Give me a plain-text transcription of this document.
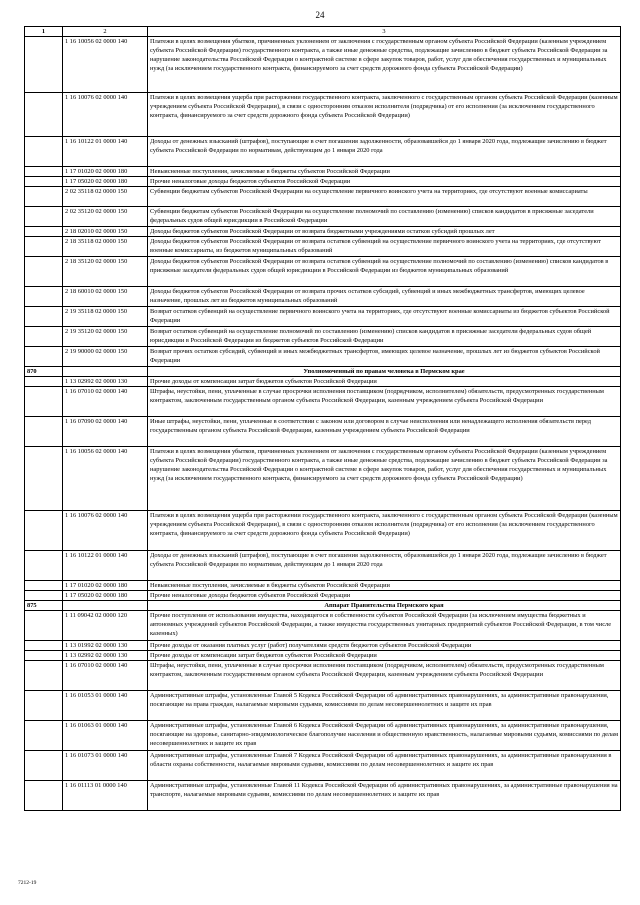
24
1	2	3
	1 16 10056 02 0000 140	Платежи в целях возмещения убытков, причиненных уклонением от заключения с государственным органом субъекта Российской Федерации (казенным учреждением субъекта Российской Федерации) государственного контракта, а также иные денежные средства, подлежащие зачислению в бюджет субъекта Российской Федерации за нарушение законодательства Российской Федерации о контрактной системе в сфере закупок товаров, работ, услуг для обеспечения государственных и муниципальных нужд (за исключением государственного контракта, финансируемого за счет средств дорожного фонда субъекта Российской Федерации)
	1 16 10076 02 0000 140	Платежи в целях возмещения ущерба при расторжении государственного контракта, заключенного с государственным органом субъекта Российской Федерации (казенным учреждением субъекта Российской Федерации), в связи с односторонним отказом исполнителя (подрядчика) от его исполнения (за исключением государственного контракта, финансируемого за счет средств дорожного фонда субъекта Российской Федерации)
	1 16 10122 01 0000 140	Доходы от денежных взысканий (штрафов), поступающие в счет погашения задолженности, образовавшейся до 1 января 2020 года, подлежащие зачислению в бюджет субъекта Российской Федерации по нормативам, действующим до 1 января 2020 года
	1 17 01020 02 0000 180	Невыясненные поступления, зачисляемые в бюджеты субъектов Российской Федерации
	1 17 05020 02 0000 180	Прочие неналоговые доходы бюджетов субъектов Российской Федерации
	2 02 35118 02 0000 150	Субвенции бюджетам субъектов Российской Федерации на осуществление первичного воинского учета на территориях, где отсутствуют военные комиссариаты
	2 02 35120 02 0000 150	Субвенции бюджетам субъектов Российской Федерации на осуществление полномочий по составлению (изменению) списков кандидатов в присяжные заседатели федеральных судов общей юрисдикции в Российской Федерации
	2 18 02010 02 0000 150	Доходы бюджетов субъектов Российской Федерации от возврата бюджетными учреждениями остатков субсидий прошлых лет
	2 18 35118 02 0000 150	Доходы бюджетов субъектов Российской Федерации от возврата остатков субвенций на осуществление первичного воинского учета на территориях, где отсутствуют военные комиссариаты, из бюджетов муниципальных образований
	2 18 35120 02 0000 150	Доходы бюджетов субъектов Российской Федерации от возврата остатков субвенций на осуществление полномочий по составлению (изменению) списков кандидатов в присяжные заседатели федеральных судов общей юрисдикции в Российской Федерации из бюджетов муниципальных образований
	2 18 60010 02 0000 150	Доходы бюджетов субъектов Российской Федерации от возврата прочих остатков субсидий, субвенций и иных межбюджетных трансфертов, имеющих целевое назначение, прошлых лет из бюджетов муниципальных образований
	2 19 35118 02 0000 150	Возврат остатков субвенций на осуществление первичного воинского учета на территориях, где отсутствуют военные комиссариаты из бюджетов субъектов Российской Федерации
	2 19 35120 02 0000 150	Возврат остатков субвенций на осуществление полномочий по составлению (изменению) списков кандидатов в присяжные заседатели федеральных судов общей юрисдикции в Российской Федерации из бюджетов субъектов Российской Федерации
	2 19 90000 02 0000 150	Возврат прочих остатков субсидий, субвенций и иных межбюджетных трансфертов, имеющих целевое назначение, прошлых лет из бюджетов субъектов Российской Федерации
870		Уполномоченный по правам человека в Пермском крае
	1 13 02992 02 0000 130	Прочие доходы от компенсации затрат бюджетов субъектов Российской Федерации
	1 16 07010 02 0000 140	Штрафы, неустойки, пени, уплаченные в случае просрочки исполнения поставщиком (подрядчиком, исполнителем) обязательств, предусмотренных государственным контрактом, заключенным государственным органом субъекта Российской Федерации, казенным учреждением субъекта Российской Федерации
	1 16 07090 02 0000 140	Иные штрафы, неустойки, пени, уплаченные в соответствии с законом или договором в случае неисполнения или ненадлежащего исполнения обязательств перед государственным органом субъекта Российской Федерации, казенным учреждением субъекта Российской Федерации
	1 16 10056 02 0000 140	Платежи в целях возмещения убытков, причиненных уклонением от заключения с государственным органом субъекта Российской Федерации (казенным учреждением субъекта Российской Федерации) государственного контракта, а также иные денежные средства, подлежащие зачислению в бюджет субъекта Российской Федерации за нарушение законодательства Российской Федерации о контрактной системе в сфере закупок товаров, работ, услуг для обеспечения государственных и муниципальных нужд (за исключением государственного контракта, финансируемого за счет средств дорожного фонда субъекта Российской Федерации)
	1 16 10076 02 0000 140	Платежи в целях возмещения ущерба при расторжении государственного контракта, заключенного с государственным органом субъекта Российской Федерации (казенным учреждением субъекта Российской Федерации), в связи с односторонним отказом исполнителя (подрядчика) от его исполнения (за исключением государственного контракта, финансируемого за счет средств дорожного фонда субъекта Российской Федерации)
	1 16 10122 01 0000 140	Доходы от денежных взысканий (штрафов), поступающие в счет погашения задолженности, образовавшейся до 1 января 2020 года, подлежащие зачислению в бюджет субъекта Российской Федерации по нормативам, действующим до 1 января 2020 года
	1 17 01020 02 0000 180	Невыясненные поступления, зачисляемые в бюджеты субъектов Российской Федерации
	1 17 05020 02 0000 180	Прочие неналоговые доходы бюджетов субъектов Российской Федерации
875		Аппарат Правительства Пермского края
	1 11 09042 02 0000 120	Прочие поступления от использования имущества, находящегося в собственности субъектов Российской Федерации (за исключением имущества бюджетных и автономных учреждений субъектов Российской Федерации, а также имущества государственных унитарных предприятий субъектов Российской Федерации, в том числе казенных)
	1 13 01992 02 0000 130	Прочие доходы от оказания платных услуг (работ) получателями средств бюджетов субъектов Российской Федерации
	1 13 02992 02 0000 130	Прочие доходы от компенсации затрат бюджетов субъектов Российской Федерации
	1 16 07010 02 0000 140	Штрафы, неустойки, пени, уплаченные в случае просрочки исполнения поставщиком (подрядчиком, исполнителем) обязательств, предусмотренных государственным контрактом, заключенным государственным органом субъекта Российской Федерации, казенным учреждением субъекта Российской Федерации
	1 16 01053 01 0000 140	Административные штрафы, установленные Главой 5 Кодекса Российской Федерации об административных правонарушениях, за административные правонарушения, посягающие на права граждан, налагаемые мировыми судьями, комиссиями по делам несовершеннолетних и защите их прав
	1 16 01063 01 0000 140	Административные штрафы, установленные Главой 6 Кодекса Российской Федерации об административных правонарушениях, за административные правонарушения, посягающие на здоровье, санитарно-эпидемиологическое благополучие населения и общественную нравственность, налагаемые мировыми судьями, комиссиями по делам несовершеннолетних и защите их прав
	1 16 01073 01 0000 140	Административные штрафы, установленные Главой 7 Кодекса Российской Федерации об административных правонарушениях, за административные правонарушения в области охраны собственности, налагаемые мировыми судьями, комиссиями по делам несовершеннолетних и защите их прав
	1 16 01113 01 0000 140	Административные штрафы, установленные Главой 11 Кодекса Российской Федерации об административных правонарушениях, за административные правонарушения на транспорте, налагаемые мировыми судьями, комиссиями по делам несовершеннолетних и защите их прав
7212-19
